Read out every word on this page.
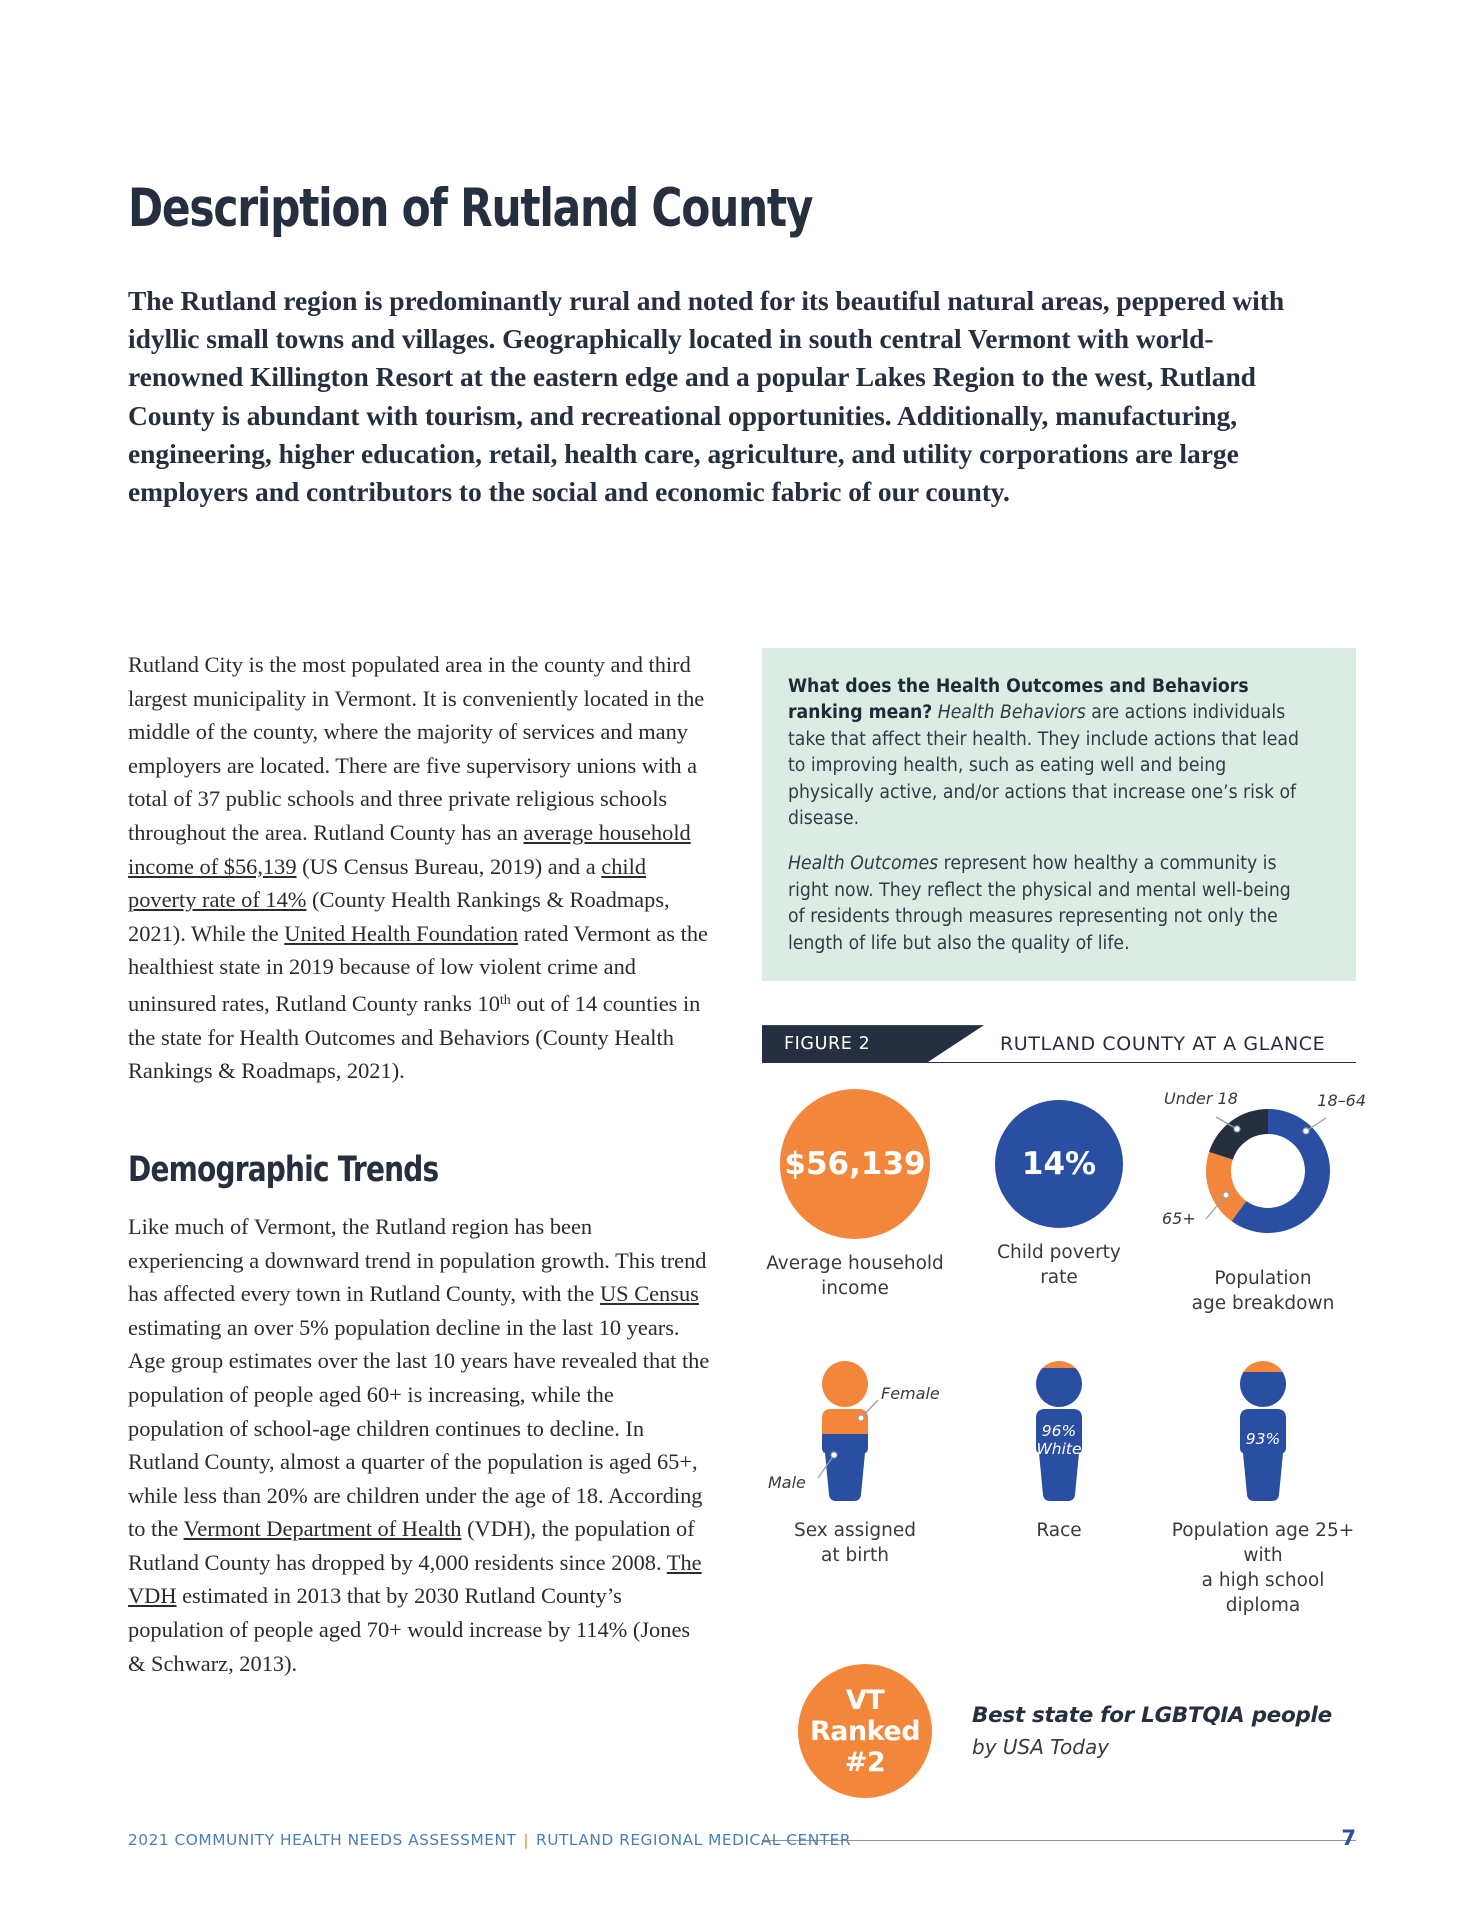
Description of Rutland County

The Rutland region is predominantly rural and noted for its beautiful natural areas, peppered with idyllic small towns and villages. Geographically located in south central Vermont with world-renowned Killington Resort at the eastern edge and a popular Lakes Region to the west, Rutland County is abundant with tourism, and recreational opportunities. Additionally, manufacturing, engineering, higher education, retail, health care, agriculture, and utility corporations are large employers and contributors to the social and economic fabric of our county.

Rutland City is the most populated area in the county and third largest municipality in Vermont. It is conveniently located in the middle of the county, where the majority of services and many employers are located. There are five supervisory unions with a total of 37 public schools and three private religious schools throughout the area. Rutland County has an average household income of $56,139 (US Census Bureau, 2019) and a child poverty rate of 14% (County Health Rankings & Roadmaps, 2021). While the United Health Foundation rated Vermont as the healthiest state in 2019 because of low violent crime and uninsured rates, Rutland County ranks 10th out of 14 counties in the state for Health Outcomes and Behaviors (County Health Rankings & Roadmaps, 2021).

Demographic Trends

Like much of Vermont, the Rutland region has been experiencing a downward trend in population growth. This trend has affected every town in Rutland County, with the US Census estimating an over 5% population decline in the last 10 years. Age group estimates over the last 10 years have revealed that the population of people aged 60+ is increasing, while the population of school-age children continues to decline. In Rutland County, almost a quarter of the population is aged 65+, while less than 20% are children under the age of 18. According to the Vermont Department of Health (VDH), the population of Rutland County has dropped by 4,000 residents since 2008. The VDH estimated in 2013 that by 2030 Rutland County’s population of people aged 70+ would increase by 114% (Jones & Schwarz, 2013).

What does the Health Outcomes and Behaviors ranking mean? Health Behaviors are actions individuals take that affect their health. They include actions that lead to improving health, such as eating well and being physically active, and/or actions that increase one’s risk of disease.

Health Outcomes represent how healthy a community is right now. They reflect the physical and mental well-being of residents through measures representing not only the length of life but also the quality of life.

FIGURE 2	RUTLAND COUNTY AT A GLANCE
$56,139
Average household
income
14%
Child poverty
rate
Under 18	18–64
65+
Population
age breakdown
Female
Male
Sex assigned
at birth
96%
White
Race
93%
Population age 25+ with
a high school diploma
VT
Ranked
#2
Best state for LGBTQIA people
by USA Today
2021 COMMUNITY HEALTH NEEDS ASSESSMENT | RUTLAND REGIONAL MEDICAL CENTER	7
